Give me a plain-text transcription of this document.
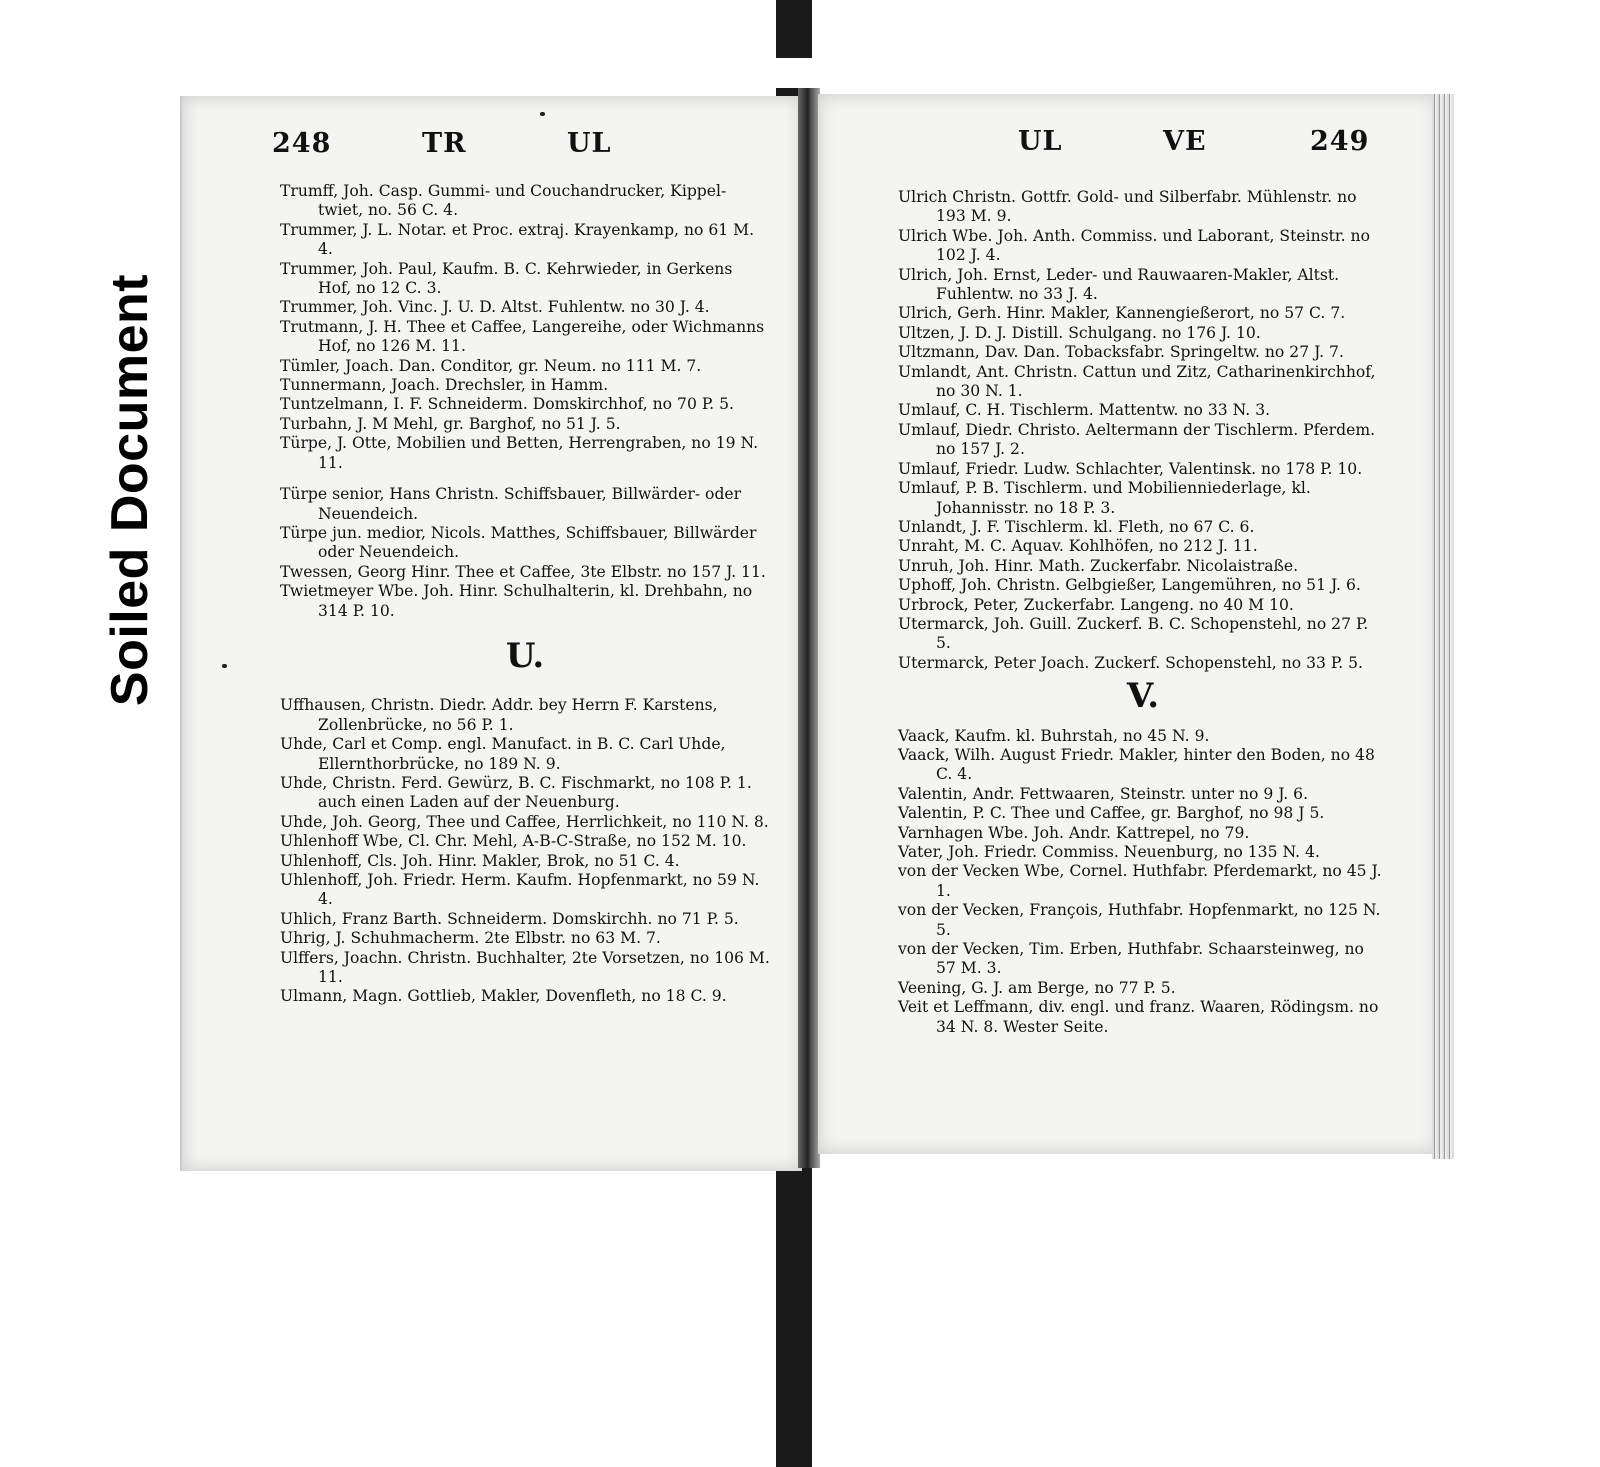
Soiled Document
248	TR	UL
Trumff, Joh. Casp. Gummi- und Couchandrucker, Kippel-twiet, no. 56 C. 4.
Trummer, J. L. Notar. et Proc. extraj. Krayenkamp, no 61 M. 4.
Trummer, Joh. Paul, Kaufm. B. C. Kehrwieder, in Gerkens Hof, no 12 C. 3.
Trummer, Joh. Vinc. J. U. D. Altst. Fuhlentw. no 30 J. 4.
Trutmann, J. H. Thee et Caffee, Langereihe, oder Wichmanns Hof, no 126 M. 11.
Tümler, Joach. Dan. Conditor, gr. Neum. no 111 M. 7.
Tunnermann, Joach. Drechsler, in Hamm.
Tuntzelmann, I. F. Schneiderm. Domskirchhof, no 70 P. 5.
Turbahn, J. M Mehl, gr. Barghof, no 51 J. 5.
Türpe, J. Otte, Mobilien und Betten, Herrengraben, no 19 N. 11.
Türpe senior, Hans Christn. Schiffsbauer, Billwärder- oder Neuendeich.
Türpe jun. medior, Nicols. Matthes, Schiffsbauer, Billwärder oder Neuendeich.
Twessen, Georg Hinr. Thee et Caffee, 3te Elbstr. no 157 J. 11.
Twietmeyer Wbe. Joh. Hinr. Schulhalterin, kl. Drehbahn, no 314 P. 10.
U.
Uffhausen, Christn. Diedr. Addr. bey Herrn F. Karstens, Zollenbrücke, no 56 P. 1.
Uhde, Carl et Comp. engl. Manufact. in B. C. Carl Uhde, Ellernthorbrücke, no 189 N. 9.
Uhde, Christn. Ferd. Gewürz, B. C. Fischmarkt, no 108 P. 1. auch einen Laden auf der Neuenburg.
Uhde, Joh. Georg, Thee und Caffee, Herrlichkeit, no 110 N. 8.
Uhlenhoff Wbe, Cl. Chr. Mehl, A-B-C-Straße, no 152 M. 10.
Uhlenhoff, Cls. Joh. Hinr. Makler, Brok, no 51 C. 4.
Uhlenhoff, Joh. Friedr. Herm. Kaufm. Hopfenmarkt, no 59 N. 4.
Uhlich, Franz Barth. Schneiderm. Domskirchh. no 71 P. 5.
Uhrig, J. Schuhmacherm. 2te Elbstr. no 63 M. 7.
Ulffers, Joachn. Christn. Buchhalter, 2te Vorsetzen, no 106 M. 11.
Ulmann, Magn. Gottlieb, Makler, Dovenfleth, no 18 C. 9.
UL	VE	249
Ulrich Christn. Gottfr. Gold- und Silberfabr. Mühlenstr. no 193 M. 9.
Ulrich Wbe. Joh. Anth. Commiss. und Laborant, Steinstr. no 102 J. 4.
Ulrich, Joh. Ernst, Leder- und Rauwaaren-Makler, Altst. Fuhlentw. no 33 J. 4.
Ulrich, Gerh. Hinr. Makler, Kannengießerort, no 57 C. 7.
Ultzen, J. D. J. Distill. Schulgang. no 176 J. 10.
Ultzmann, Dav. Dan. Tobacksfabr. Springeltw. no 27 J. 7.
Umlandt, Ant. Christn. Cattun und Zitz, Catharinenkirchhof, no 30 N. 1.
Umlauf, C. H. Tischlerm. Mattentw. no 33 N. 3.
Umlauf, Diedr. Christo. Aeltermann der Tischlerm. Pferdem. no 157 J. 2.
Umlauf, Friedr. Ludw. Schlachter, Valentinsk. no 178 P. 10.
Umlauf, P. B. Tischlerm. und Mobilienniederlage, kl. Johannisstr. no 18 P. 3.
Unlandt, J. F. Tischlerm. kl. Fleth, no 67 C. 6.
Unraht, M. C. Aquav. Kohlhöfen, no 212 J. 11.
Unruh, Joh. Hinr. Math. Zuckerfabr. Nicolaistraße.
Uphoff, Joh. Christn. Gelbgießer, Langemühren, no 51 J. 6.
Urbrock, Peter, Zuckerfabr. Langeng. no 40 M 10.
Utermarck, Joh. Guill. Zuckerf. B. C. Schopenstehl, no 27 P. 5.
Utermarck, Peter Joach. Zuckerf. Schopenstehl, no 33 P. 5.
V.
Vaack, Kaufm. kl. Buhrstah, no 45 N. 9.
Vaack, Wilh. August Friedr. Makler, hinter den Boden, no 48 C. 4.
Valentin, Andr. Fettwaaren, Steinstr. unter no 9 J. 6.
Valentin, P. C. Thee und Caffee, gr. Barghof, no 98 J 5.
Varnhagen Wbe. Joh. Andr. Kattrepel, no 79.
Vater, Joh. Friedr. Commiss. Neuenburg, no 135 N. 4.
von der Vecken Wbe, Cornel. Huthfabr. Pferdemarkt, no 45 J. 1.
von der Vecken, François, Huthfabr. Hopfenmarkt, no 125 N. 5.
von der Vecken, Tim. Erben, Huthfabr. Schaarsteinweg, no 57 M. 3.
Veening, G. J. am Berge, no 77 P. 5.
Veit et Leffmann, div. engl. und franz. Waaren, Rödingsm. no 34 N. 8. Wester Seite.
